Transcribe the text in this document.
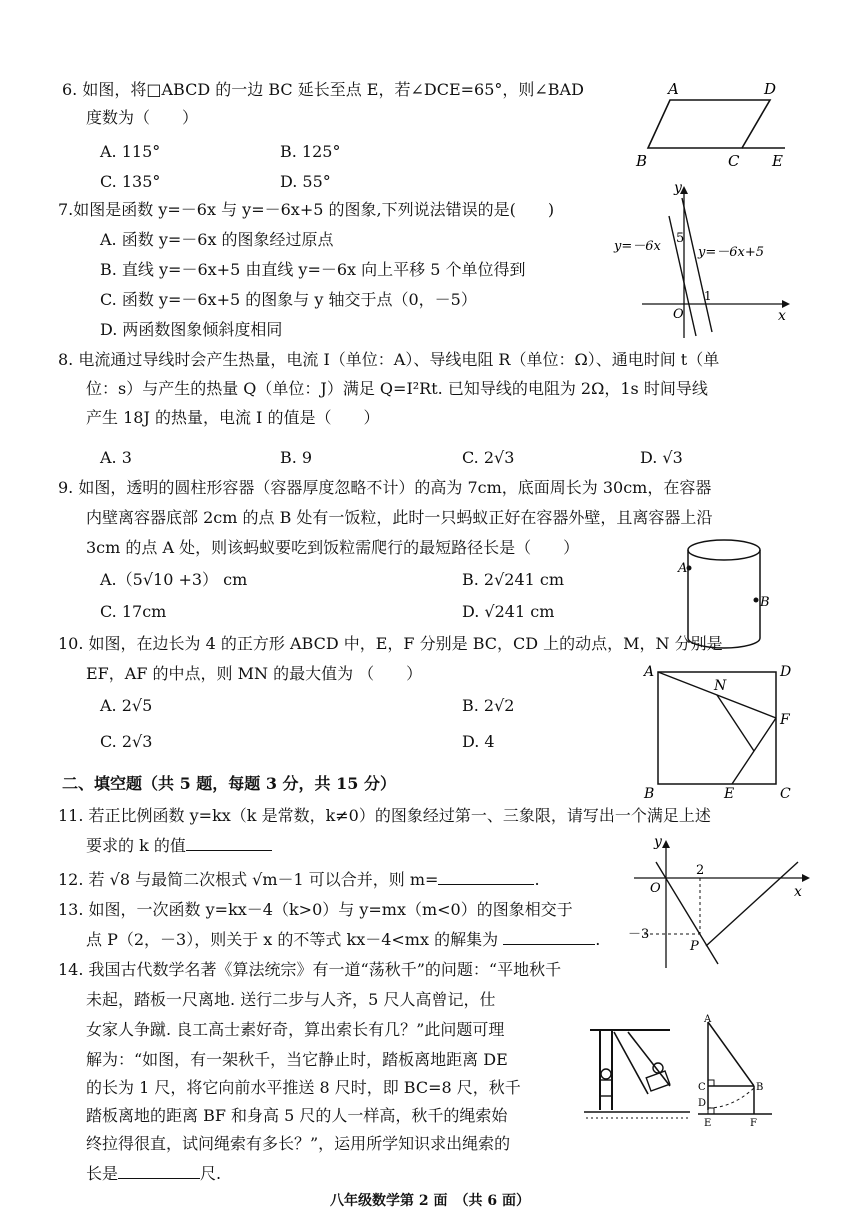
6. 如图，将□ABCD 的一边 BC 延长至点 E，若∠DCE=65°，则∠BAD
度数为（　　）
A. 115°	B. 125°
C. 135°	D. 55°
A	D
B	C E
7.如图是函数 y=－6x 与 y=－6x+5 的图象,下列说法错误的是(　　)
A. 函数 y=－6x 的图象经过原点
B. 直线 y=－6x+5 由直线 y=－6x 向上平移 5 个单位得到
C. 函数 y=－6x+5 的图象与 y 轴交于点（0，－5）
D. 两函数图象倾斜度相同
y
x
O
5
1
y=－6x	y=－6x+5
8. 电流通过导线时会产生热量，电流 I（单位：A）、导线电阻 R（单位：Ω）、通电时间 t（单
位：s）与产生的热量 Q（单位：J）满足 Q=I²Rt. 已知导线的电阻为 2Ω，1s 时间导线
产生 18J 的热量，电流 I 的值是（　　）
A. 3	B. 9	C. 2√3	D. √3
9. 如图，透明的圆柱形容器（容器厚度忽略不计）的高为 7cm，底面周长为 30cm，在容器
内壁离容器底部 2cm 的点 B 处有一饭粒，此时一只蚂蚁正好在容器外壁，且离容器上沿
3cm 的点 A 处，则该蚂蚁要吃到饭粒需爬行的最短路径长是（　　）
A.（5√10 +3） cm	B. 2√241 cm
C. 17cm	D. √241 cm
A
B
10. 如图，在边长为 4 的正方形 ABCD 中，E，F 分别是 BC，CD 上的动点，M，N 分别是
EF，AF 的中点，则 MN 的最大值为 （　　）
A. 2√5	B. 2√2
C. 2√3	D. 4
A	D
B	C
E
F
N
二、填空题（共 5 题，每题 3 分，共 15 分）
11. 若正比例函数 y=kx（k 是常数，k≠0）的图象经过第一、三象限，请写出一个满足上述
要求的 k 的值
12. 若 √8 与最简二次根式 √m－1 可以合并，则 m=	.
13. 如图，一次函数 y=kx－4（k>0）与 y=mx（m<0）的图象相交于
点 P（2，－3），则关于 x 的不等式 kx－4<mx 的解集为	.
y
x
O
2
－3
P
14. 我国古代数学名著《算法统宗》有一道“荡秋千”的问题：“平地秋千
未起，踏板一尺离地. 送行二步与人齐，5 尺人高曾记，仕
女家人争蹴. 良工高士素好奇，算出索长有几？”此问题可理
解为：“如图，有一架秋千，当它静止时，踏板离地距离 DE
的长为 1 尺，将它向前水平推送 8 尺时，即 BC=8 尺，秋千
踏板离地的距离 BF 和身高 5 尺的人一样高，秋千的绳索始
终拉得很直，试问绳索有多长？”，运用所学知识求出绳索的
长是	尺.
A
C
D
B
E	F
八年级数学第 2 面　（共 6 面）
